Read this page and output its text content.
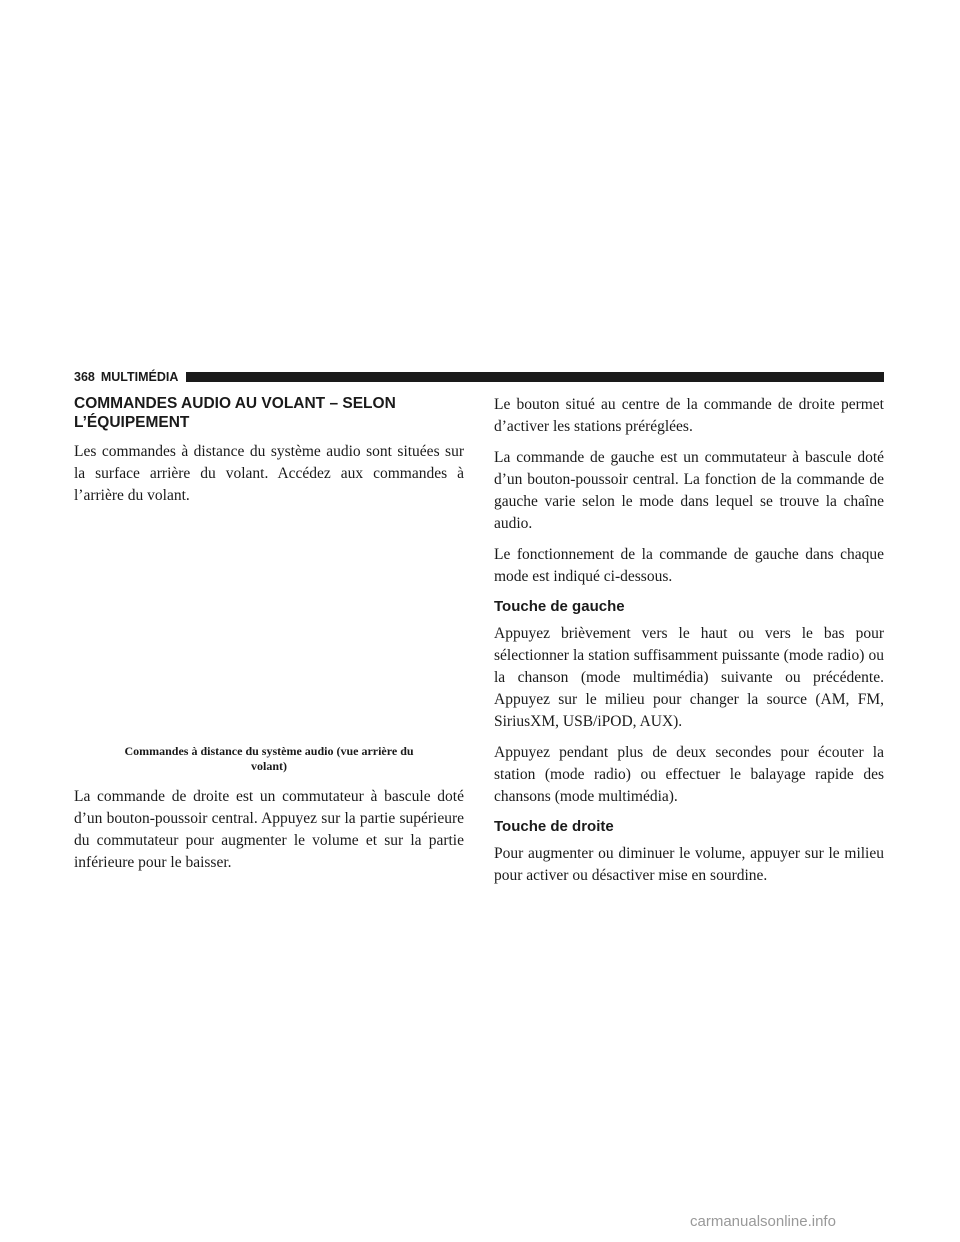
368 MULTIMÉDIA
COMMANDES AUDIO AU VOLANT – SELON
L’ÉQUIPEMENT

Les commandes à distance du système audio sont situées sur la surface arrière du volant. Accédez aux commandes à l’arrière du volant.

Commandes à distance du système audio (vue arrière du
volant)

La commande de droite est un commutateur à bascule doté d’un bouton-poussoir central. Appuyez sur la partie supérieure du commutateur pour augmenter le volume et sur la partie inférieure pour le baisser.

Le bouton situé au centre de la commande de droite permet d’activer les stations préréglées.

La commande de gauche est un commutateur à bascule doté d’un bouton-poussoir central. La fonction de la commande de gauche varie selon le mode dans lequel se trouve la chaîne audio.

Le fonctionnement de la commande de gauche dans chaque mode est indiqué ci-dessous.

Touche de gauche

Appuyez brièvement vers le haut ou vers le bas pour sélectionner la station suffisamment puissante (mode radio) ou la chanson (mode multimédia) suivante ou précédente. Appuyez sur le milieu pour changer la source (AM, FM, SiriusXM, USB/iPOD, AUX).

Appuyez pendant plus de deux secondes pour écouter la station (mode radio) ou effectuer le balayage rapide des chansons (mode multimédia).

Touche de droite

Pour augmenter ou diminuer le volume, appuyer sur le milieu pour activer ou désactiver mise en sourdine.

carmanualsonline.info
